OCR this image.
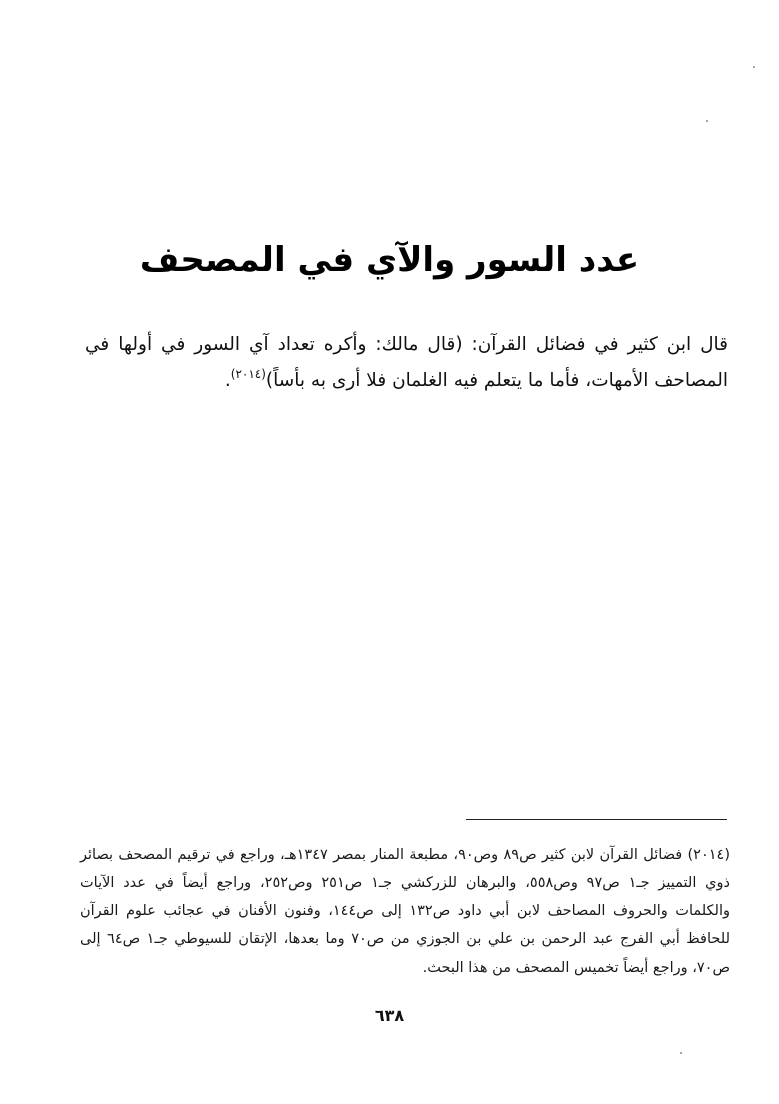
عدد السور والآي في المصحف

قال ابن كثير في فضائل القرآن: (قال مالك: وأكره تعداد آي السور في أولها في المصاحف الأمهات، فأما ما يتعلم فيه الغلمان فلا أرى به بأساً)$^{(٢٠١٤)}$.

(٢٠١٤) فضائل القرآن لابن كثير ص٨٩ وص٩٠، مطبعة المنار بمصر ١٣٤٧هـ، وراجع في ترقيم المصحف بصائر ذوي التمييز جـ١ ص٩٧ وص٥٥٨، والبرهان للزركشي جـ١ ص٢٥١ وص٢٥٢، وراجع أيضاً في عدد الآيات والكلمات والحروف المصاحف لابن أبي داود ص١٣٢ إلى ص١٤٤، وفنون الأفنان في عجائب علوم القرآن للحافظ أبي الفرج عبد الرحمن بن علي بن الجوزي من ص٧٠ وما بعدها، الإتقان للسيوطي جـ١ ص٦٤ إلى ص٧٠، وراجع أيضاً تخميس المصحف من هذا البحث.

٦٣٨
